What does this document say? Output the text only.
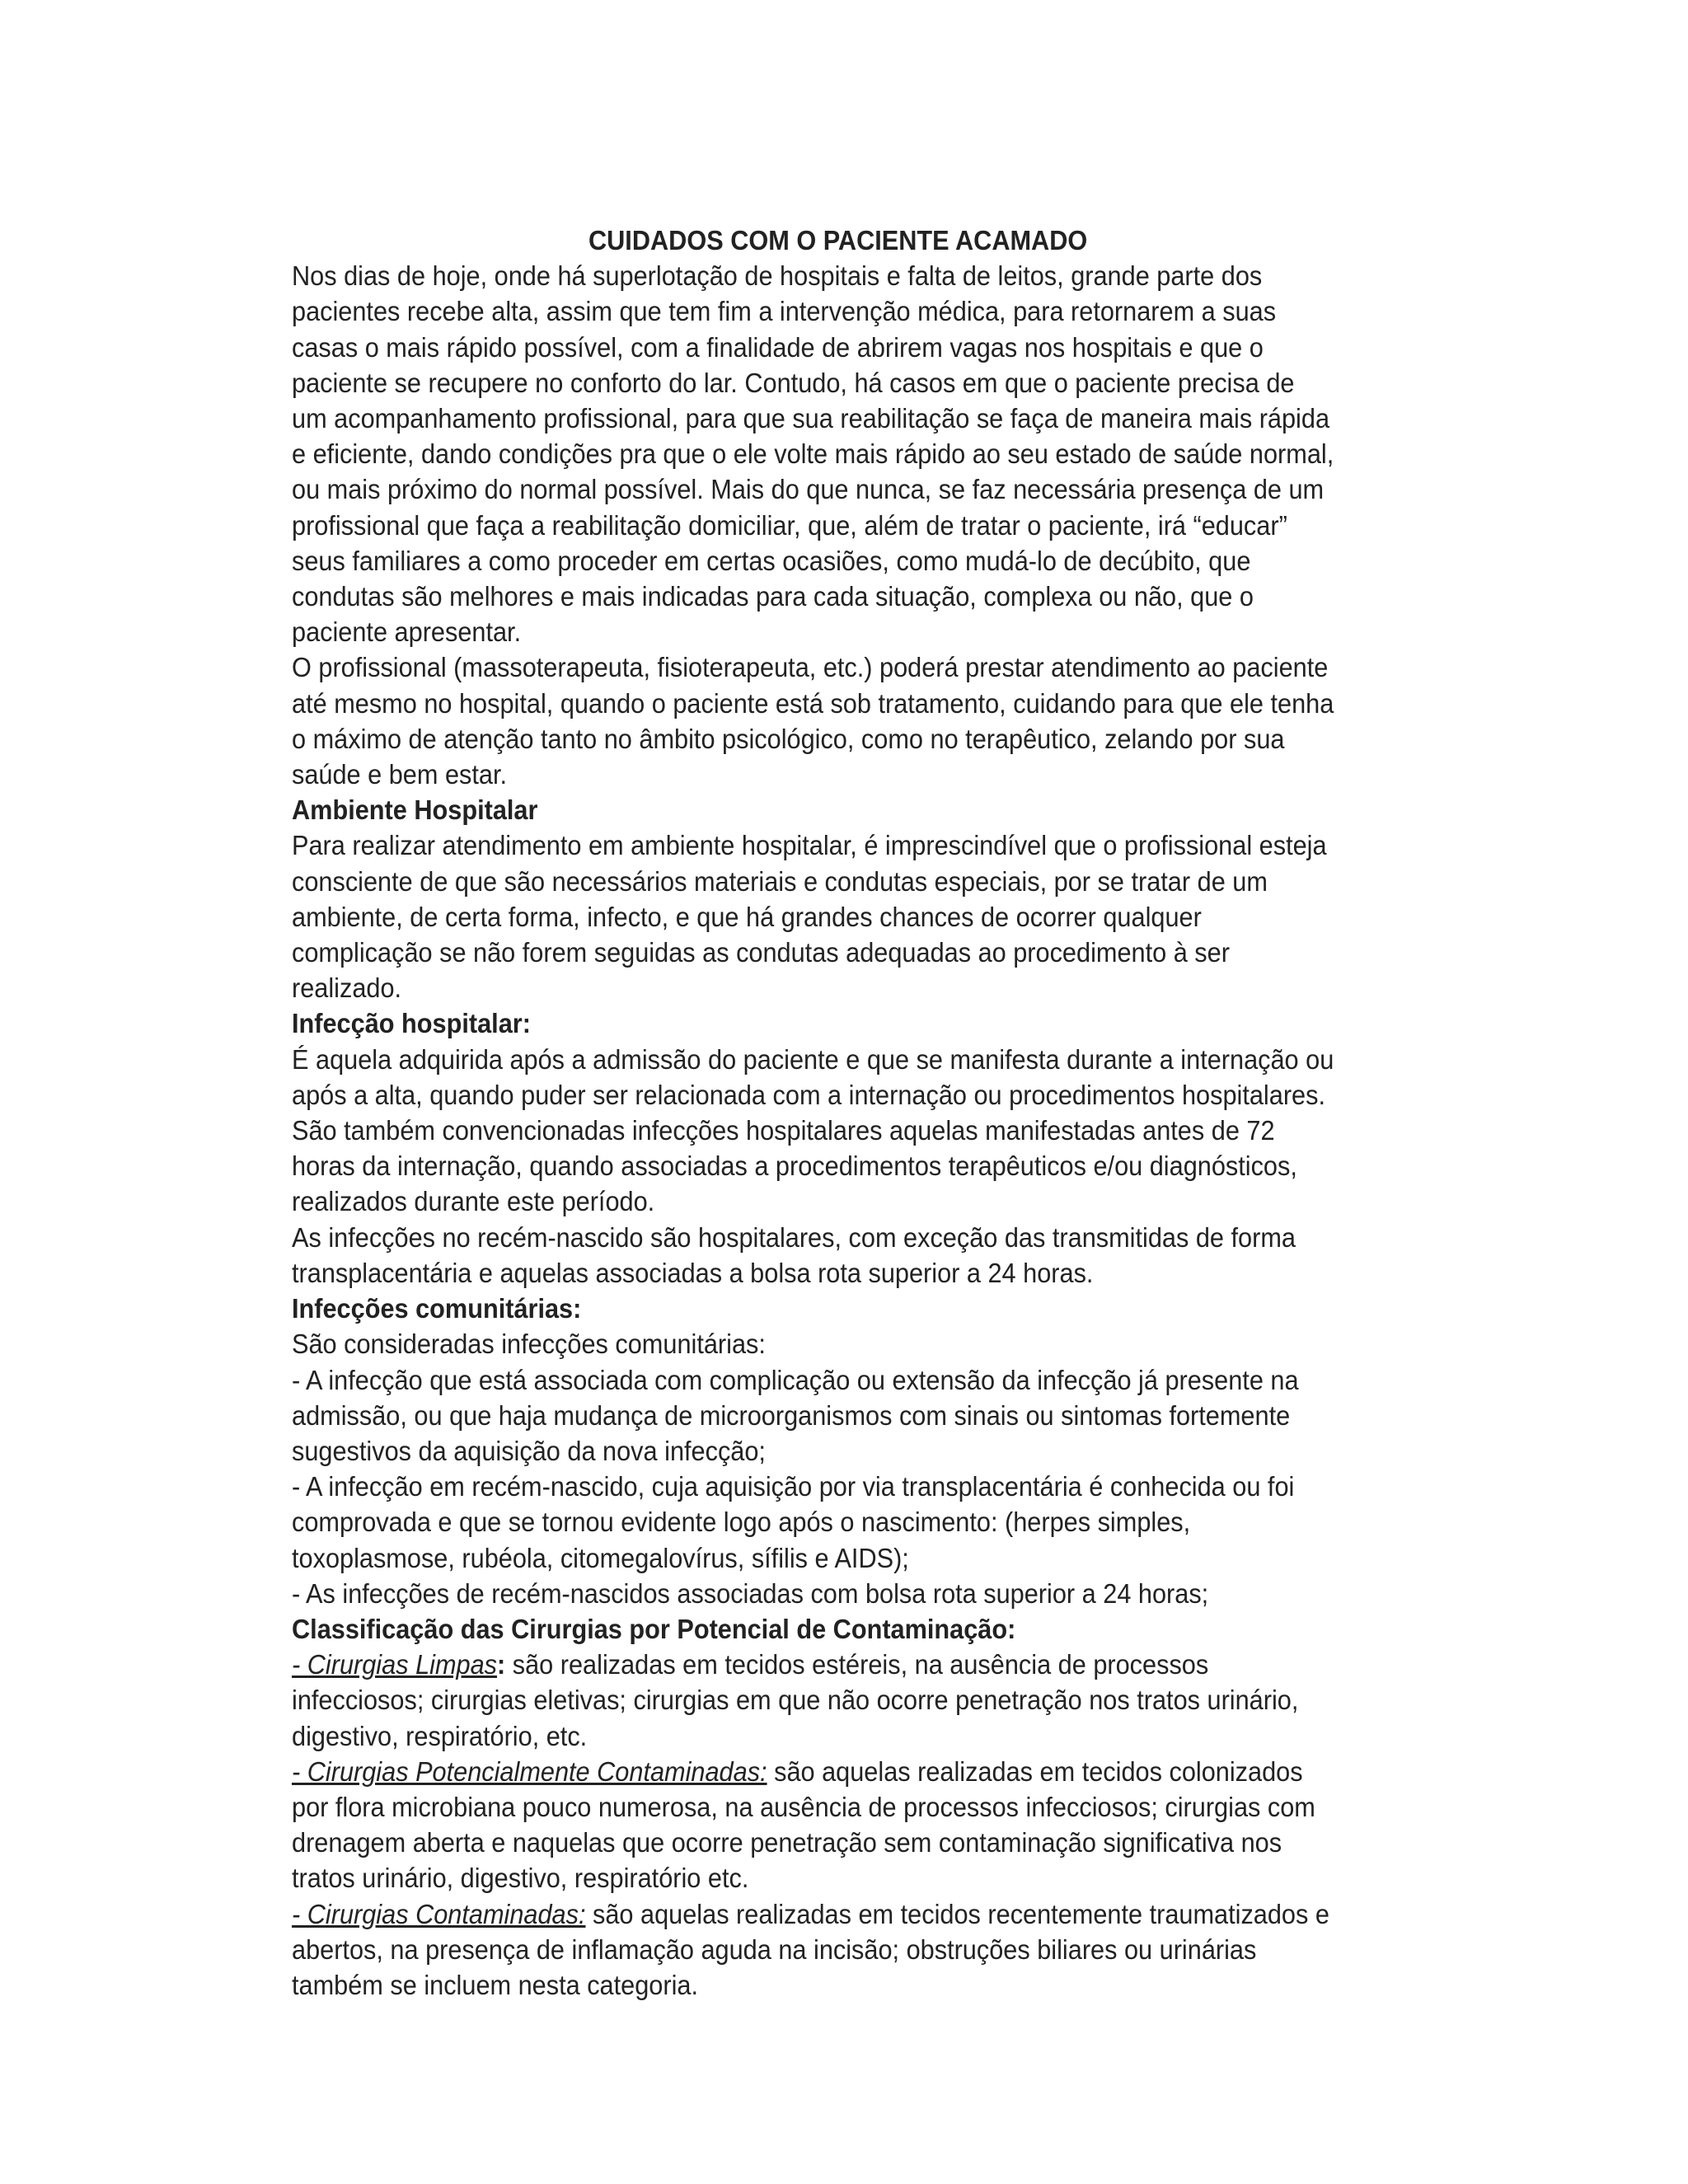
CUIDADOS COM O PACIENTE ACAMADO

Nos dias de hoje, onde há superlotação de hospitais e falta de leitos, grande parte dos pacientes recebe alta, assim que tem fim a intervenção médica, para retornarem a suas casas o mais rápido possível, com a finalidade de abrirem vagas nos hospitais e que o paciente se recupere no conforto do lar. Contudo, há casos em que o paciente precisa de um acompanhamento profissional, para que sua reabilitação se faça de maneira mais rápida e eficiente, dando condições pra que o ele volte mais rápido ao seu estado de saúde normal, ou mais próximo do normal possível. Mais do que nunca, se faz necessária presença de um profissional que faça a reabilitação domiciliar, que, além de tratar o paciente, irá “educar” seus familiares a como proceder em certas ocasiões, como mudá-lo de decúbito, que condutas são melhores e mais indicadas para cada situação, complexa ou não, que o paciente apresentar.

O profissional (massoterapeuta, fisioterapeuta, etc.) poderá prestar atendimento ao paciente até mesmo no hospital, quando o paciente está sob tratamento, cuidando para que ele tenha o máximo de atenção tanto no âmbito psicológico, como no terapêutico, zelando por sua saúde e bem estar.

Ambiente Hospitalar

Para realizar atendimento em ambiente hospitalar, é imprescindível que o profissional esteja consciente de que são necessários materiais e condutas especiais, por se tratar de um ambiente, de certa forma, infecto, e que há grandes chances de ocorrer qualquer complicação se não forem seguidas as condutas adequadas ao procedimento à ser realizado.

Infecção hospitalar:

É aquela adquirida após a admissão do paciente e que se manifesta durante a internação ou após a alta, quando puder ser relacionada com a internação ou procedimentos hospitalares.

São também convencionadas infecções hospitalares aquelas manifestadas antes de 72 horas da internação, quando associadas a procedimentos terapêuticos e/ou diagnósticos, realizados durante este período.

As infecções no recém-nascido são hospitalares, com exceção das transmitidas de forma transplacentária e aquelas associadas a bolsa rota superior a 24 horas.

Infecções comunitárias:

São consideradas infecções comunitárias:

- A infecção que está associada com complicação ou extensão da infecção já presente na admissão, ou que haja mudança de microorganismos com sinais ou sintomas fortemente sugestivos da aquisição da nova infecção;

- A infecção em recém-nascido, cuja aquisição por via transplacentária é conhecida ou foi comprovada e que se tornou evidente logo após o nascimento: (herpes simples, toxoplasmose, rubéola, citomegalovírus, sífilis e AIDS);

- As infecções de recém-nascidos associadas com bolsa rota superior a 24 horas;

Classificação das Cirurgias por Potencial de Contaminação:

- Cirurgias Limpas: são realizadas em tecidos estéreis, na ausência de processos infecciosos; cirurgias eletivas; cirurgias em que não ocorre penetração nos tratos urinário, digestivo, respiratório, etc.

- Cirurgias Potencialmente Contaminadas: são aquelas realizadas em tecidos colonizados por flora microbiana pouco numerosa, na ausência de processos infecciosos; cirurgias com drenagem aberta e naquelas que ocorre penetração sem contaminação significativa nos tratos urinário, digestivo, respiratório etc.

- Cirurgias Contaminadas: são aquelas realizadas em tecidos recentemente traumatizados e abertos, na presença de inflamação aguda na incisão; obstruções biliares ou urinárias também se incluem nesta categoria.
